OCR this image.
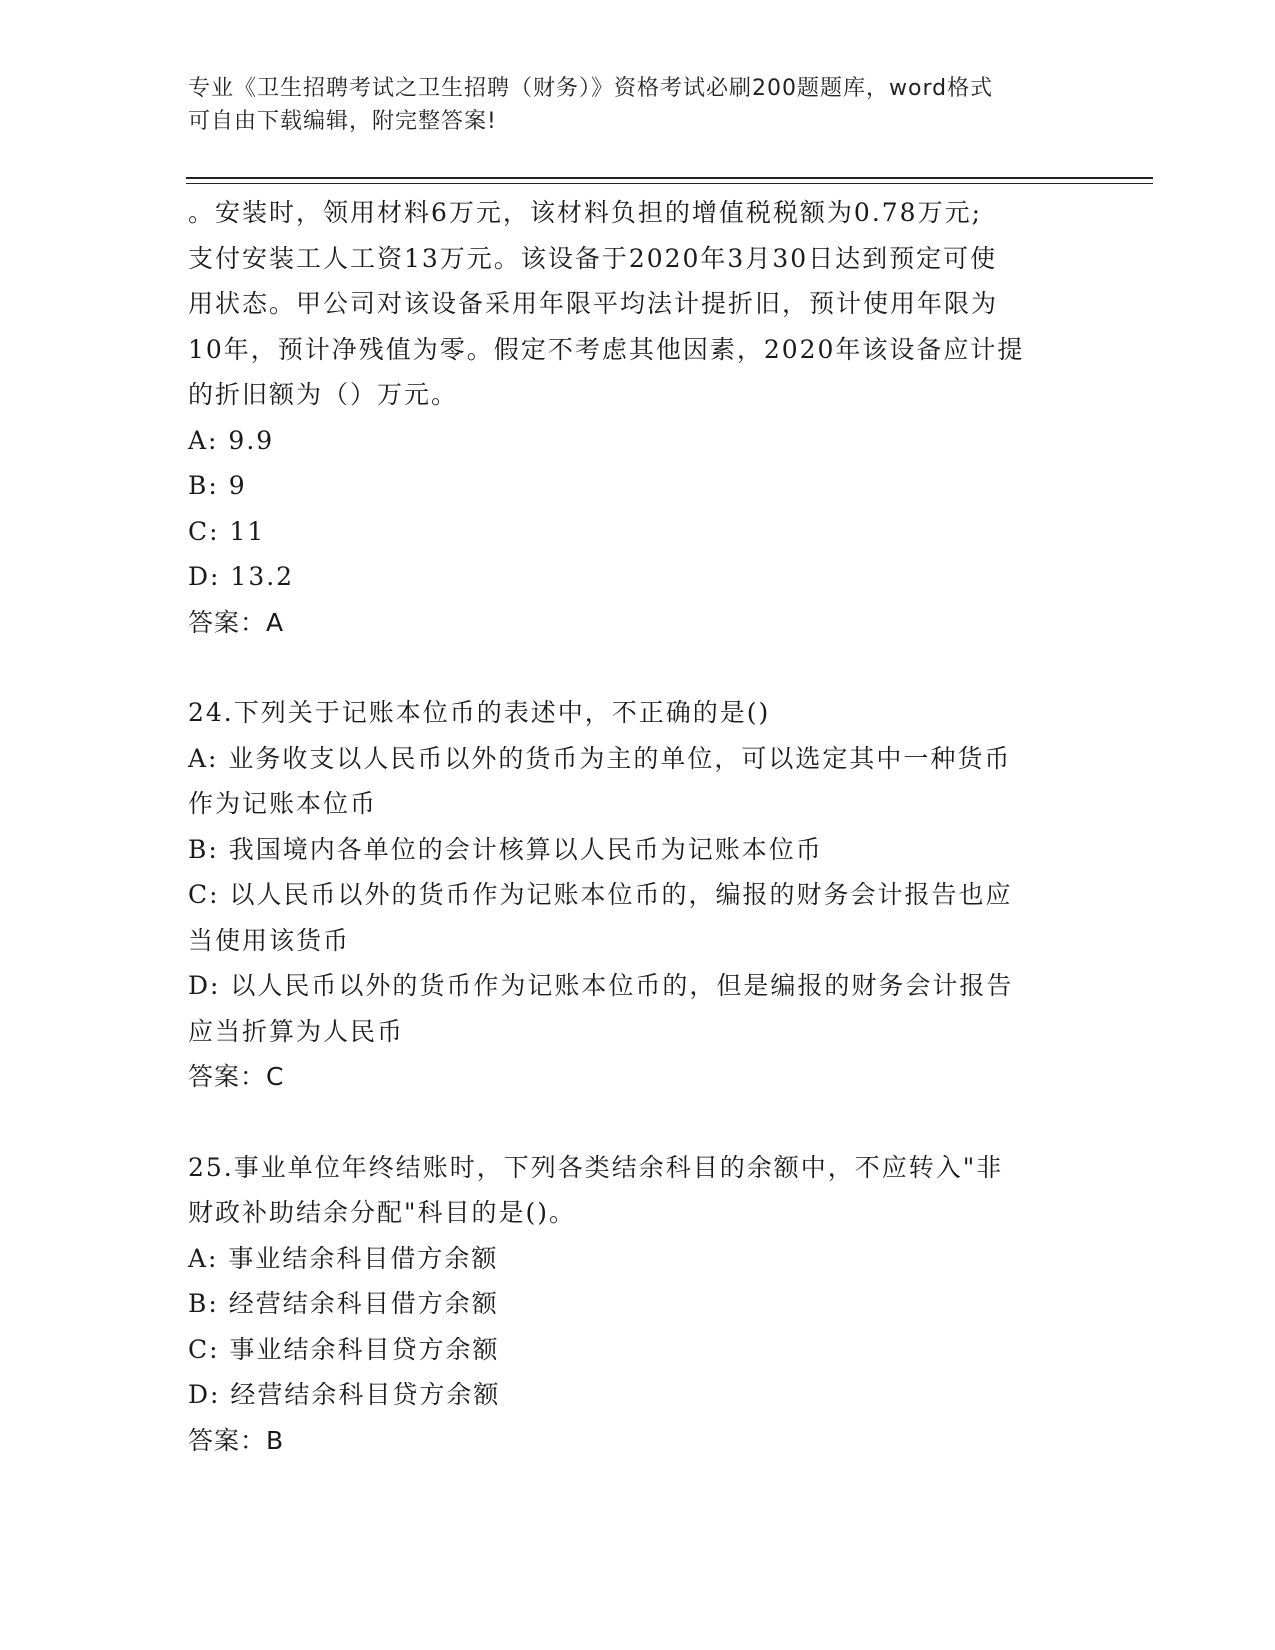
专业《卫生招聘考试之卫生招聘（财务）》资格考试必刷200题题库，word格式
可自由下载编辑，附完整答案!
。安装时，领用材料6万元，该材料负担的增值税税额为0.78万元;
支付安装工人工资13万元。该设备于2020年3月30日达到预定可使
用状态。甲公司对该设备采用年限平均法计提折旧，预计使用年限为
10年，预计净残值为零。假定不考虑其他因素，2020年该设备应计提
的折旧额为（）万元。
A: 9.9
B: 9
C: 11
D: 13.2
答案：A
24.下列关于记账本位币的表述中，不正确的是()
A: 业务收支以人民币以外的货币为主的单位，可以选定其中一种货币
作为记账本位币
B: 我国境内各单位的会计核算以人民币为记账本位币
C: 以人民币以外的货币作为记账本位币的，编报的财务会计报告也应
当使用该货币
D: 以人民币以外的货币作为记账本位币的，但是编报的财务会计报告
应当折算为人民币
答案：C
25.事业单位年终结账时，下列各类结余科目的余额中，不应转入"非
财政补助结余分配"科目的是()。
A: 事业结余科目借方余额
B: 经营结余科目借方余额
C: 事业结余科目贷方余额
D: 经营结余科目贷方余额
答案：B
